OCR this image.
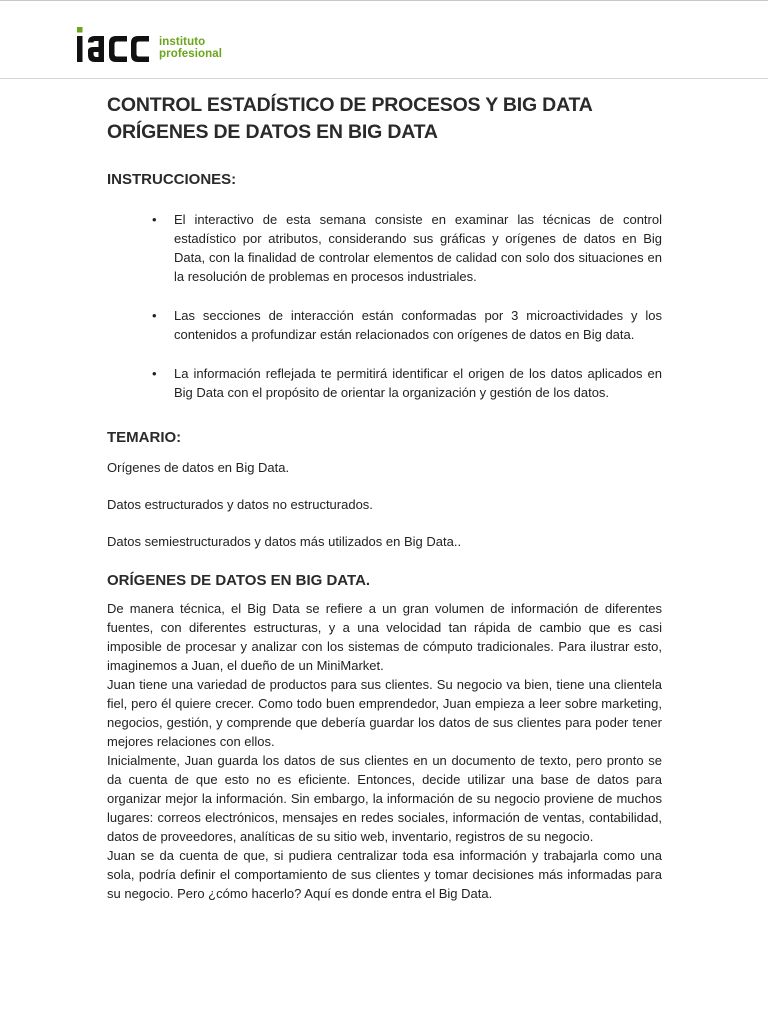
instituto
profesional
CONTROL ESTADÍSTICO DE PROCESOS Y BIG DATA
ORÍGENES DE DATOS EN BIG DATA
INSTRUCCIONES:
• El interactivo de esta semana consiste en examinar las técnicas de control estadístico por atributos, considerando sus gráficas y orígenes de datos en Big Data, con la finalidad de controlar elementos de calidad con solo dos situaciones en la resolución de problemas en procesos industriales.
• Las secciones de interacción están conformadas por 3 microactividades y los contenidos a profundizar están relacionados con orígenes de datos en Big data.
• La información reflejada te permitirá identificar el origen de los datos aplicados en Big Data con el propósito de orientar la organización y gestión de los datos.
TEMARIO:

Orígenes de datos en Big Data.

Datos estructurados y datos no estructurados.

Datos semiestructurados y datos más utilizados en Big Data..

ORÍGENES DE DATOS EN BIG DATA.

De manera técnica, el Big Data se refiere a un gran volumen de información de diferentes fuentes, con diferentes estructuras, y a una velocidad tan rápida de cambio que es casi imposible de procesar y analizar con los sistemas de cómputo tradicionales. Para ilustrar esto, imaginemos a Juan, el dueño de un MiniMarket.

Juan tiene una variedad de productos para sus clientes. Su negocio va bien, tiene una clientela fiel, pero él quiere crecer. Como todo buen emprendedor, Juan empieza a leer sobre marketing, negocios, gestión, y comprende que debería guardar los datos de sus clientes para poder tener mejores relaciones con ellos.

Inicialmente, Juan guarda los datos de sus clientes en un documento de texto, pero pronto se da cuenta de que esto no es eficiente. Entonces, decide utilizar una base de datos para organizar mejor la información. Sin embargo, la información de su negocio proviene de muchos lugares: correos electrónicos, mensajes en redes sociales, información de ventas, contabilidad, datos de proveedores, analíticas de su sitio web, inventario, registros de su negocio.

Juan se da cuenta de que, si pudiera centralizar toda esa información y trabajarla como una sola, podría definir el comportamiento de sus clientes y tomar decisiones más informadas para su negocio. Pero ¿cómo hacerlo? Aquí es donde entra el Big Data.
